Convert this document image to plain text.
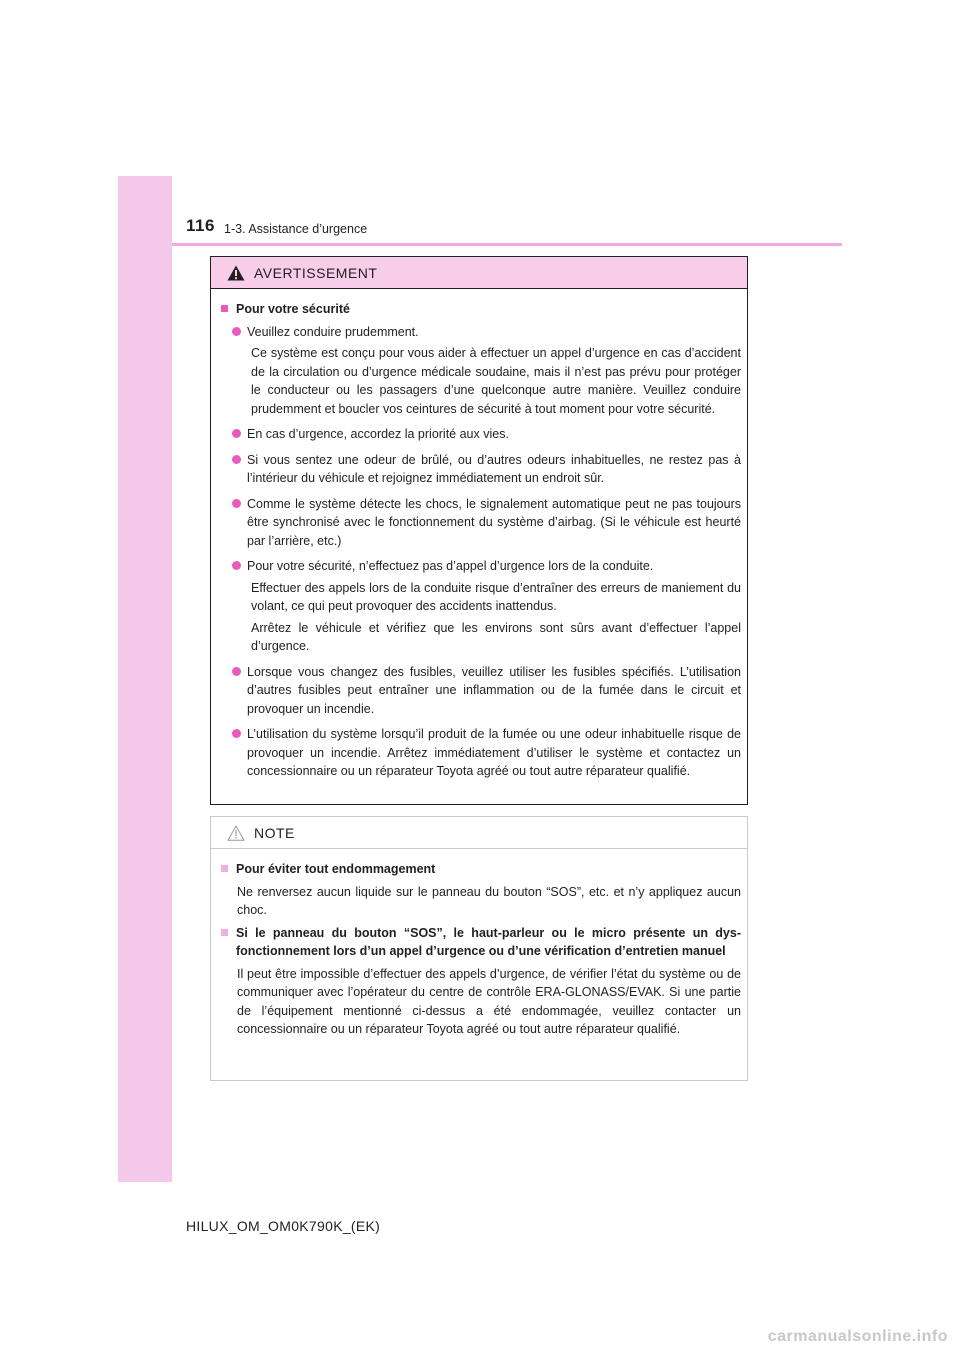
116 1-3. Assistance d’urgence
AVERTISSEMENT
Pour votre sécurité
Veuillez conduire prudemment.
Ce système est conçu pour vous aider à effectuer un appel d’urgence en cas d’accident de la circulation ou d’urgence médicale soudaine, mais il n’est pas prévu pour protéger le conducteur ou les passagers d’une quelconque autre manière. Veuillez conduire prudemment et boucler vos ceintures de sécurité à tout moment pour votre sécurité.
En cas d’urgence, accordez la priorité aux vies.
Si vous sentez une odeur de brûlé, ou d’autres odeurs inhabituelles, ne restez pas à l’intérieur du véhicule et rejoignez immédiatement un endroit sûr.
Comme le système détecte les chocs, le signalement automatique peut ne pas toujours être synchronisé avec le fonctionnement du système d’airbag. (Si le véhicule est heurté par l’arrière, etc.)
Pour votre sécurité, n’effectuez pas d’appel d’urgence lors de la conduite.
Effectuer des appels lors de la conduite risque d’entraîner des erreurs de maniement du volant, ce qui peut provoquer des accidents inattendus.
Arrêtez le véhicule et vérifiez que les environs sont sûrs avant d’effectuer l’appel d’urgence.
Lorsque vous changez des fusibles, veuillez utiliser les fusibles spécifiés. L’utilisation d’autres fusibles peut entraîner une inflammation ou de la fumée dans le circuit et provoquer un incendie.
L’utilisation du système lorsqu’il produit de la fumée ou une odeur inhabituelle risque de provoquer un incendie. Arrêtez immédiatement d’utiliser le système et contactez un concessionnaire ou un réparateur Toyota agréé ou tout autre réparateur qualifié.
NOTE
Pour éviter tout endommagement
Ne renversez aucun liquide sur le panneau du bouton “SOS”, etc. et n’y appliquez aucun choc.
Si le panneau du bouton “SOS”, le haut-parleur ou le micro présente un dysfonctionnement lors d’un appel d’urgence ou d’une vérification d’entretien manuel
Il peut être impossible d’effectuer des appels d’urgence, de vérifier l’état du système ou de communiquer avec l’opérateur du centre de contrôle ERA-GLONASS/EVAK. Si une partie de l’équipement mentionné ci-dessus a été endommagée, veuillez contacter un concessionnaire ou un réparateur Toyota agréé ou tout autre réparateur qualifié.
HILUX_OM_OM0K790K_(EK)
carmanualsonline.info
